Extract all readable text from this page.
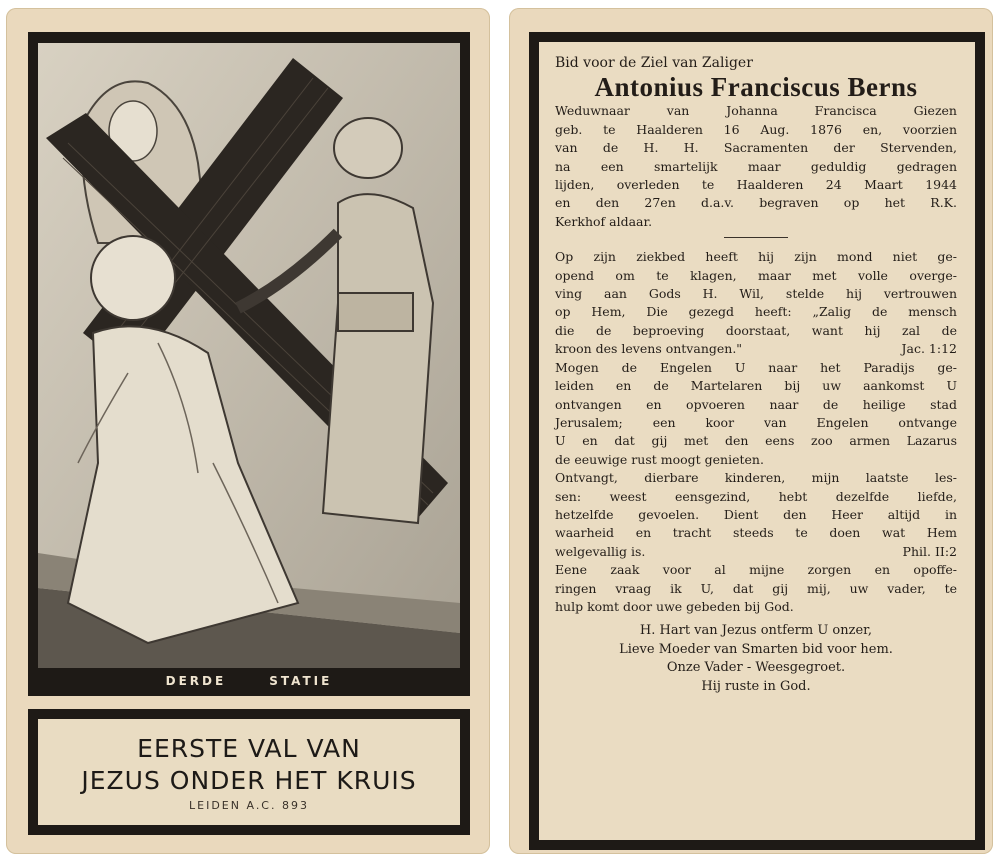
DERDE      STATIE
EERSTE VAL VAN
JEZUS ONDER HET KRUIS
LEIDEN A.C. 893
Bid voor de Ziel van Zaliger
Antonius Franciscus Berns
Weduwnaar van Johanna Francisca Giezen
geb. te Haalderen 16 Aug. 1876 en, voorzien
van de H. H. Sacramenten der Stervenden,
na een smartelijk maar geduldig gedragen
lijden, overleden te Haalderen 24 Maart 1944
en den 27en d.a.v. begraven op het R.K.
Kerkhof aldaar.
Op zijn ziekbed heeft hij zijn mond niet ge-
opend om te klagen, maar met volle overge-
ving aan Gods H. Wil, stelde hij vertrouwen
op Hem, Die gezegd heeft: „Zalig de mensch
die de beproeving doorstaat, want hij zal de
kroon des levens ontvangen."	Jac. 1:12
Mogen de Engelen U naar het Paradijs ge-
leiden en de Martelaren bij uw aankomst U
ontvangen en opvoeren naar de heilige stad
Jerusalem; een koor van Engelen ontvange
U en dat gij met den eens zoo armen Lazarus
de eeuwige rust moogt genieten.
Ontvangt, dierbare kinderen, mijn laatste les-
sen: weest eensgezind, hebt dezelfde liefde,
hetzelfde gevoelen. Dient den Heer altijd in
waarheid en tracht steeds te doen wat Hem
welgevallig is.	Phil. II:2
Eene zaak voor al mijne zorgen en opoffe-
ringen vraag ik U, dat gij mij, uw vader, te
hulp komt door uwe gebeden bij God.
H. Hart van Jezus ontferm U onzer,
Lieve Moeder van Smarten bid voor hem.
Onze Vader - Weesgegroet.
Hij ruste in God.
